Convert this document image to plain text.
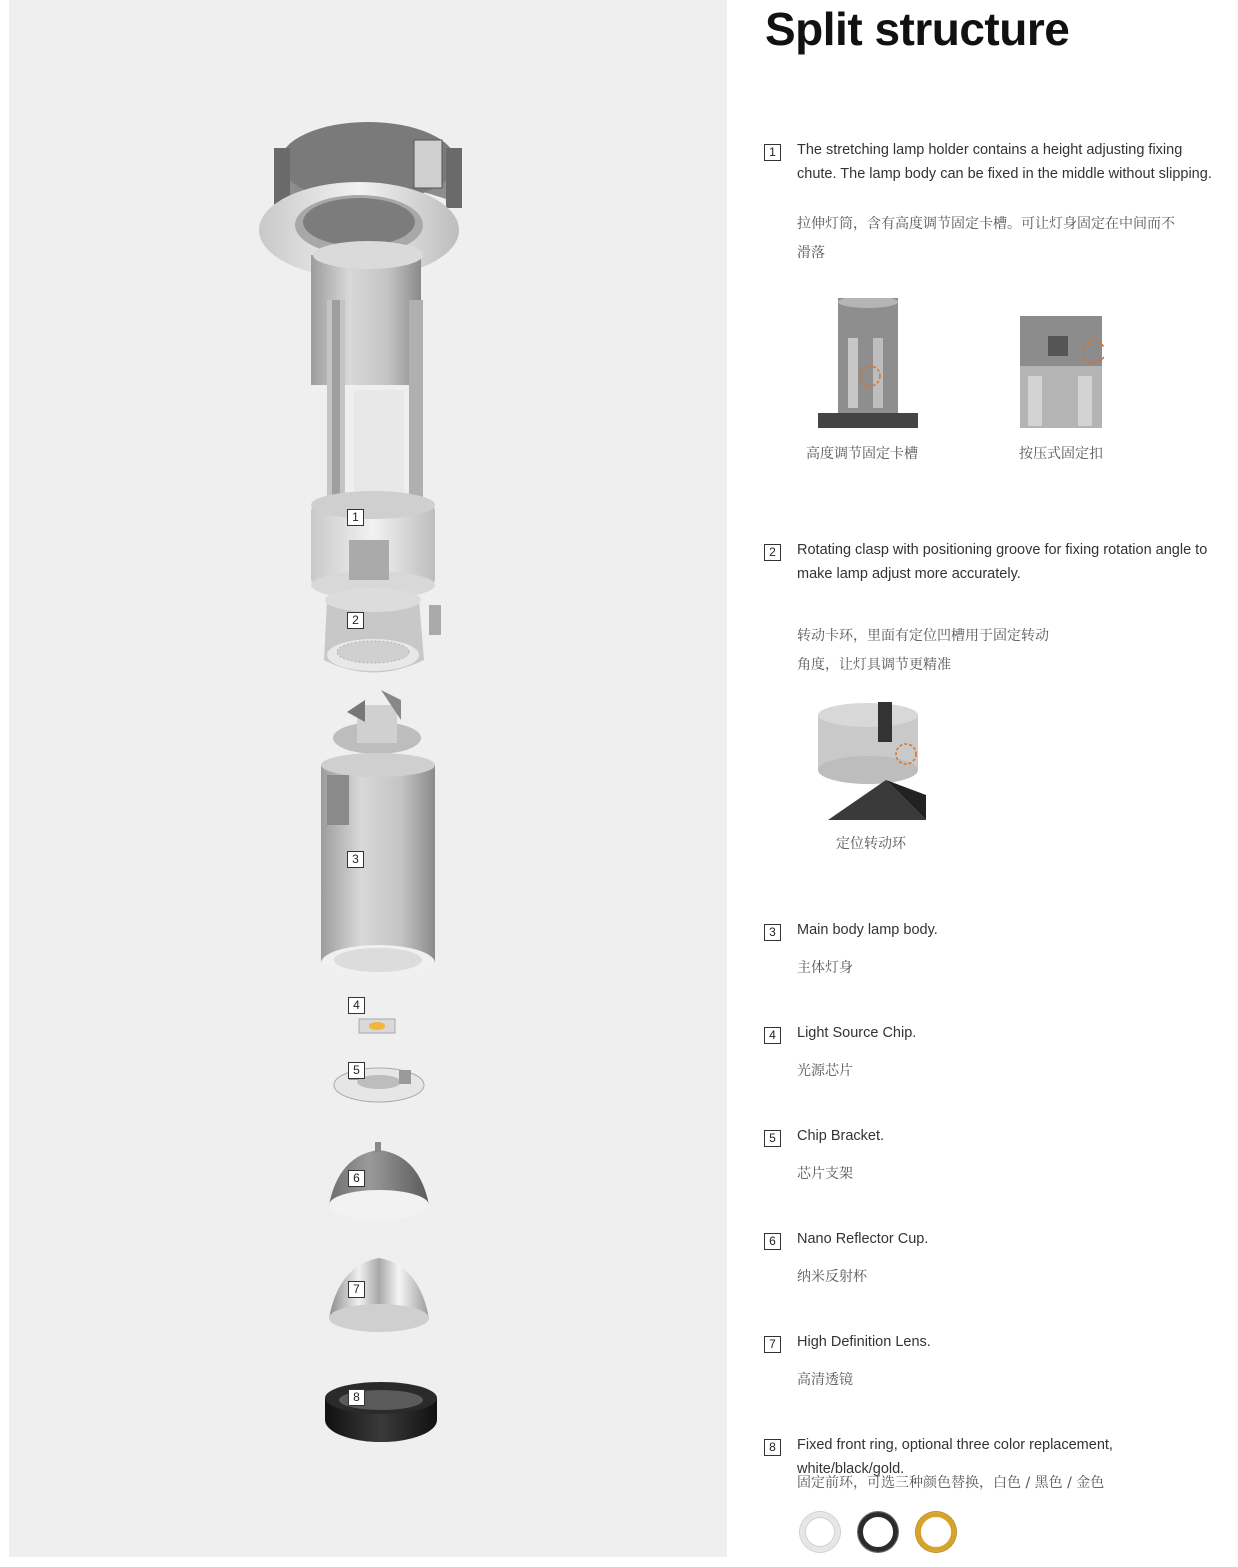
1
2
3
4
5
6
7
8
Split structure
1	The stretching lamp holder contains a height adjusting fixing chute. The lamp body can be fixed in the middle without slipping.
拉伸灯筒，含有高度调节固定卡槽。可让灯身固定在中间而不滑落
高度调节固定卡槽	按压式固定扣
2	Rotating clasp with positioning groove for fixing rotation angle to make lamp adjust more accurately.
转动卡环，里面有定位凹槽用于固定转动角度，让灯具调节更精准
定位转动环
3	Main body lamp body.
主体灯身
4	Light Source Chip.
光源芯片
5	Chip Bracket.
芯片支架
6	Nano Reflector Cup.
纳米反射杯
7	High Definition Lens.
高清透镜
8	Fixed front ring, optional three color replacement, white/black/gold.
固定前环，可选三种颜色替换，白色 / 黑色 / 金色
